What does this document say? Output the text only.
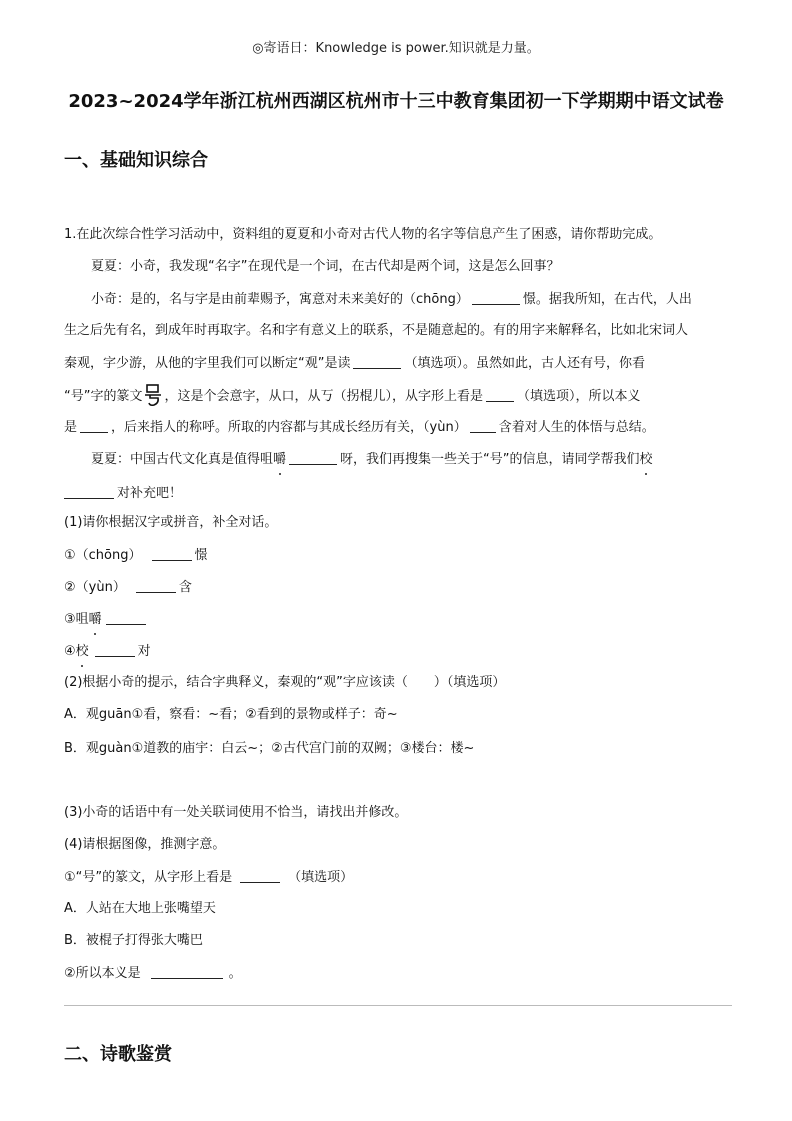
◎寄语日：Knowledge is power.知识就是力量。
2023~2024学年浙江杭州西湖区杭州市十三中教育集团初一下学期期中语文试卷
一、基础知识综合
1.在此次综合性学习活动中，资料组的夏夏和小奇对古代人物的名字等信息产生了困惑，请你帮助完成。
夏夏：小奇，我发现“名字”在现代是一个词，在古代却是两个词，这是怎么回事？
小奇：是的，名与字是由前辈赐予，寓意对未来美好的（chōng）	憬。据我所知，在古代，人出
生之后先有名，到成年时再取字。名和字有意义上的联系，不是随意起的。有的用字来解释名，比如北宋词人
秦观，字少游，从他的字里我们可以断定“观”是读	（填选项）。虽然如此，古人还有号，你看
“号”字的篆文 ，这是个会意字，从口，从丂（拐棍儿），从字形上看是	（填选项），所以本义
是	，后来指人的称呼。所取的内容都与其成长经历有关，（yùn） 含着对人生的体悟与总结。
夏夏：中国古代文化真是值得咀嚼	呀，我们再搜集一些关于“号”的信息，请同学帮我们校
对补充吧！
(1)请你根据汉字或拼音，补全对话。
①（chōng）	憬
②（yùn）	含
③咀嚼
④校	对
(2)根据小奇的提示，结合字典释义，秦观的“观”字应该读（　　）（填选项）
A．观guān①看，察看：~看；②看到的景物或样子：奇~
B．观guàn①道教的庙宇：白云~；②古代宫门前的双阙；③楼台：楼~
(3)小奇的话语中有一处关联词使用不恰当，请找出并修改。
(4)请根据图像，推测字意。
①“号”的篆文，从字形上看是	（填选项）
A．人站在大地上张嘴望天
B．被棍子打得张大嘴巴
②所以本义是	。
二、诗歌鉴赏
